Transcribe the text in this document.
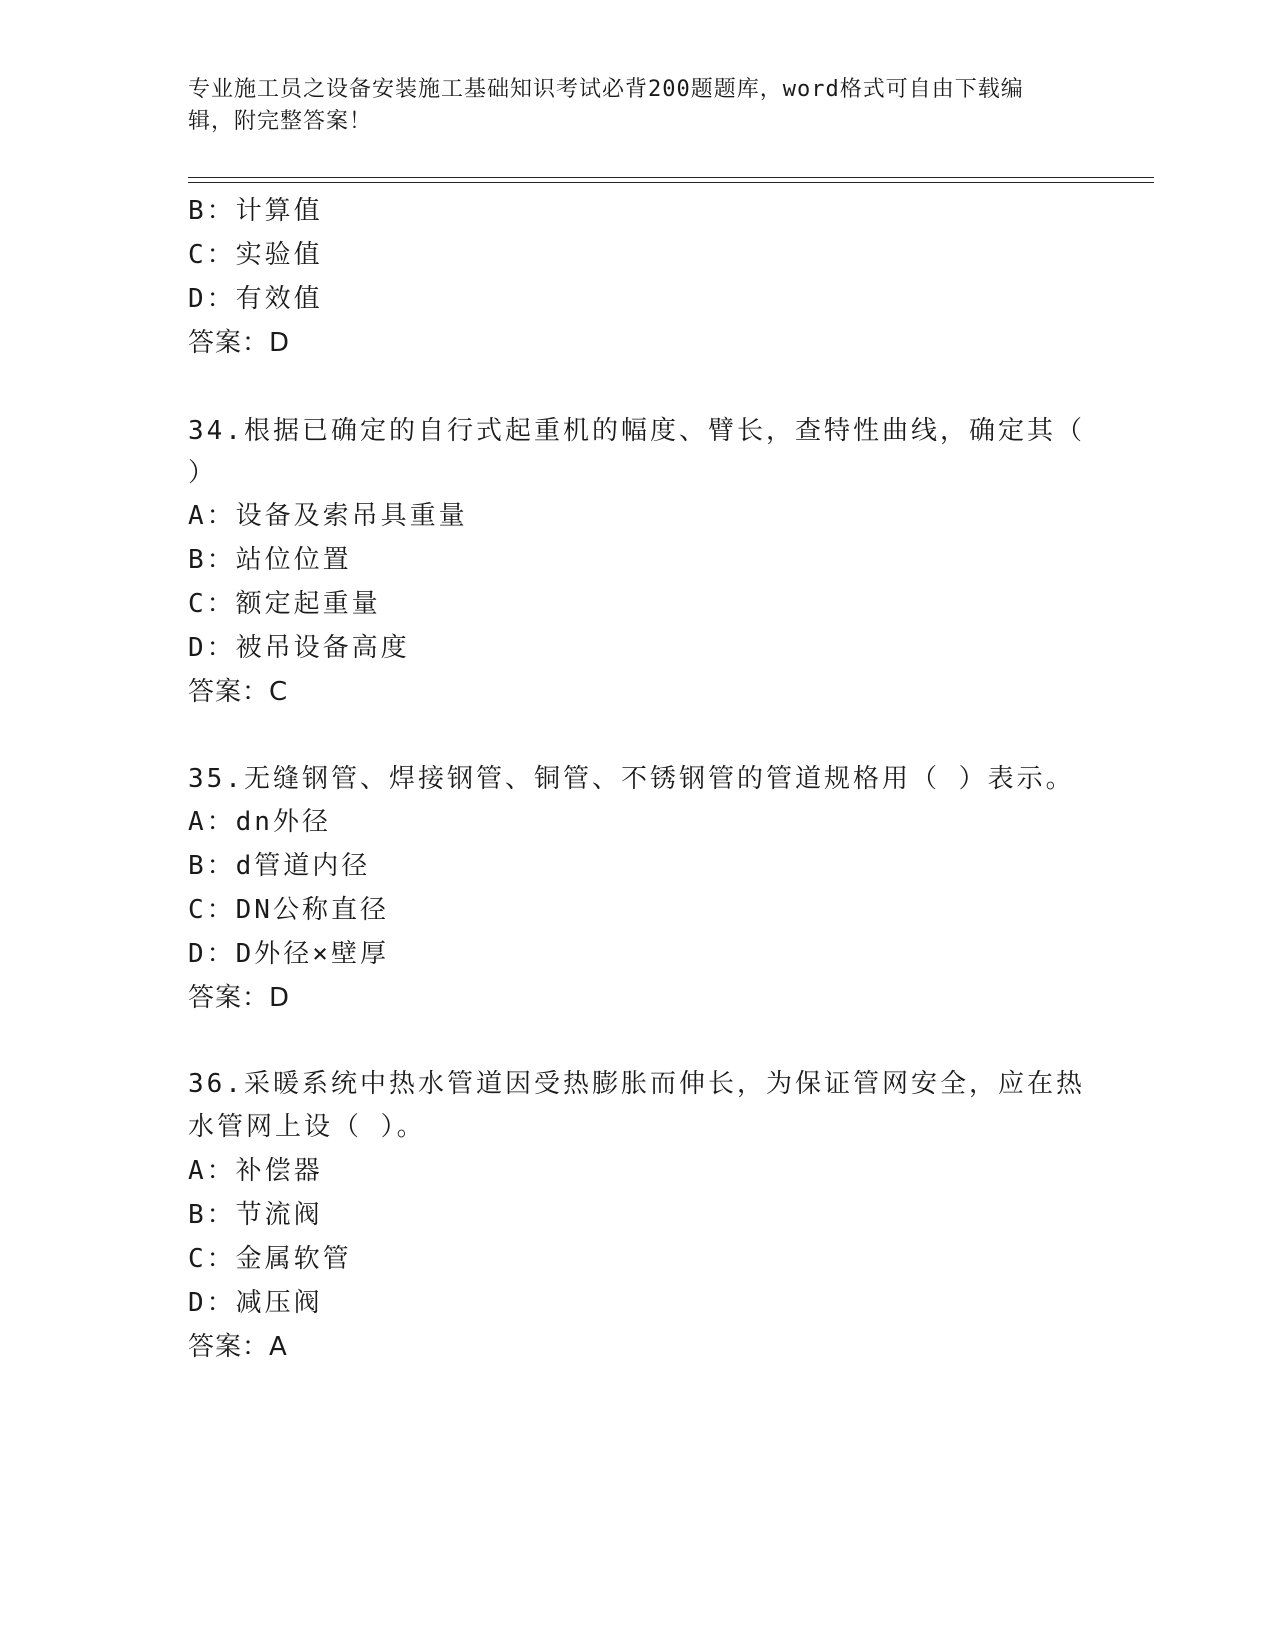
专业施工员之设备安装施工基础知识考试必背200题题库，word格式可自由下载编辑，附完整答案！
B：计算值
C：实验值
D：有效值
答案：D
34.根据已确定的自行式起重机的幅度、臂长，查特性曲线，确定其（
）
A：设备及索吊具重量
B：站位位置
C：额定起重量
D：被吊设备高度
答案：C
35.无缝钢管、焊接钢管、铜管、不锈钢管的管道规格用（ ）表示。
A：dn外径
B：d管道内径
C：DN公称直径
D：D外径×壁厚
答案：D
36.采暖系统中热水管道因受热膨胀而伸长，为保证管网安全，应在热
水管网上设（ ）。
A：补偿器
B：节流阀
C：金属软管
D：减压阀
答案：A
